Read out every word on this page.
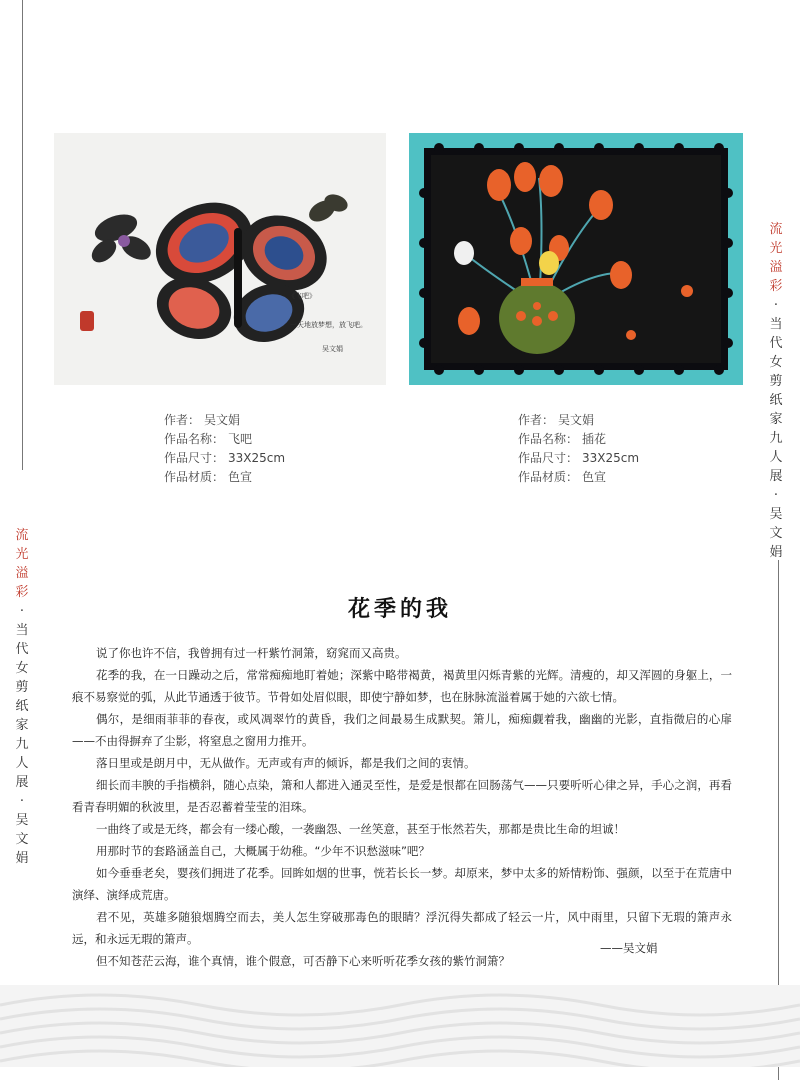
流
光
溢
彩
·
当
代
女
剪
纸
家
九
人
展
·
吴
文
娟
流
光
溢
彩
·
当
代
女
剪
纸
家
九
人
展
·
吴
文
娟
《飞吧》
一天地放梦想，放飞吧。
吴文娟
作者： 吴文娟
作品名称： 飞吧
作品尺寸： 33X25cm
作品材质： 色宣
作者： 吴文娟
作品名称： 插花
作品尺寸： 33X25cm
作品材质： 色宣
花季的我

说了你也许不信，我曾拥有过一杆紫竹洞箫，窈窕而又高贵。

花季的我，在一日躁动之后，常常痴痴地盯着她；深紫中略带褐黄，褐黄里闪烁青紫的光辉。清瘦的，却又浑圆的身躯上，一痕不易察觉的弧，从此节通透于彼节。节骨如处眉似眼，即使宁静如梦，也在脉脉流溢着属于她的六欲七情。

偶尔，是细雨菲菲的春夜，或风凋翠竹的黄昏，我们之间最易生成默契。箫儿，痴痴觑着我，幽幽的光影，直指微启的心扉——不由得摒弃了尘影，将窒息之窗用力推开。

落日里或是朗月中，无从做作。无声或有声的倾诉，都是我们之间的衷情。

细长而丰腴的手指横斜，随心点染，箫和人都进入通灵至性，是爱是恨都在回肠荡气——只要听听心律之异，手心之润，再看看青春明媚的秋波里，是否忍蓄着莹莹的泪珠。

一曲终了或是无终，都会有一缕心酸，一袭幽怨、一丝笑意，甚至于怅然若失，那都是贵比生命的坦诚！

用那时节的套路涵盖自己，大概属于幼稚。“少年不识愁滋味”吧？

如今垂垂老矣，婴孩们拥进了花季。回眸如烟的世事，恍若长长一梦。却原来，梦中太多的矫情粉饰、强颜，以至于在荒唐中演绎、演绎成荒唐。

君不见，英雄多随狼烟腾空而去，美人怎生穿破那毒色的眼睛？浮沉得失都成了轻云一片，风中雨里，只留下无瑕的箫声永远，和永远无瑕的箫声。

但不知苍茫云海，谁个真情，谁个假意，可否静下心来听听花季女孩的紫竹洞箫？

——吴文娟
